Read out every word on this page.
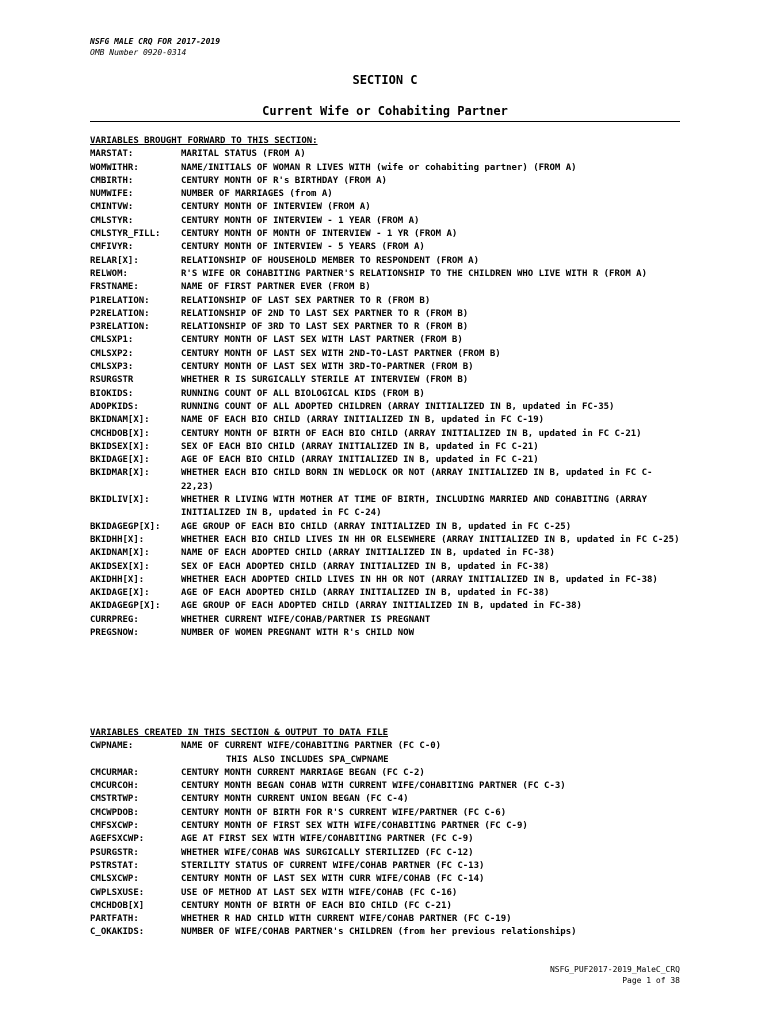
NSFG MALE CRQ FOR 2017-2019
OMB Number 0920-0314
SECTION C
Current Wife or Cohabiting Partner
VARIABLES BROUGHT FORWARD TO THIS SECTION:
MARSTAT:	MARITAL STATUS (FROM A)
WOMWITHR:	NAME/INITIALS OF WOMAN R LIVES WITH (wife or cohabiting partner) (FROM A)
CMBIRTH:	CENTURY MONTH OF R's BIRTHDAY (FROM A)
NUMWIFE:	NUMBER OF MARRIAGES (from A)
CMINTVW:	CENTURY MONTH OF INTERVIEW (FROM A)
CMLSTYR:	CENTURY MONTH OF INTERVIEW - 1 YEAR (FROM A)
CMLSTYR_FILL:	CENTURY MONTH OF MONTH OF INTERVIEW - 1 YR (FROM A)
CMFIVYR:	CENTURY MONTH OF INTERVIEW - 5 YEARS (FROM A)
RELAR[X]:	RELATIONSHIP OF HOUSEHOLD MEMBER TO RESPONDENT (FROM A)
RELWOM:	R'S WIFE OR COHABITING PARTNER'S RELATIONSHIP TO THE CHILDREN WHO LIVE WITH R (FROM A)
FRSTNAME:	NAME OF FIRST PARTNER EVER (FROM B)
P1RELATION:	RELATIONSHIP OF LAST SEX PARTNER TO R (FROM B)
P2RELATION:	RELATIONSHIP OF 2ND TO LAST SEX PARTNER TO R (FROM B)
P3RELATION:	RELATIONSHIP OF 3RD TO LAST SEX PARTNER TO R (FROM B)
CMLSXP1:	CENTURY MONTH OF LAST SEX WITH LAST PARTNER (FROM B)
CMLSXP2:	CENTURY MONTH OF LAST SEX WITH 2ND-TO-LAST PARTNER (FROM B)
CMLSXP3:	CENTURY MONTH OF LAST SEX WITH 3RD-TO-PARTNER (FROM B)
RSURGSTR	WHETHER R IS SURGICALLY STERILE AT INTERVIEW (FROM B)
BIOKIDS:	RUNNING COUNT OF ALL BIOLOGICAL KIDS (FROM B)
ADOPKIDS:	RUNNING COUNT OF ALL ADOPTED CHILDREN (ARRAY INITIALIZED IN B, updated in FC-35)
BKIDNAM[X]:	NAME OF EACH BIO CHILD (ARRAY INITIALIZED IN B, updated in FC C-19)
CMCHDOB[X]:	CENTURY MONTH OF BIRTH OF EACH BIO CHILD (ARRAY INITIALIZED IN B, updated in FC C-21)
BKIDSEX[X]:	SEX OF EACH BIO CHILD (ARRAY INITIALIZED IN B, updated in FC C-21)
BKIDAGE[X]:	AGE OF EACH BIO CHILD (ARRAY INITIALIZED IN B, updated in FC C-21)
BKIDMAR[X]:	WHETHER EACH BIO CHILD BORN IN WEDLOCK OR NOT (ARRAY INITIALIZED IN B, updated in FC C-22,23)
BKIDLIV[X]:	WHETHER R LIVING WITH MOTHER AT TIME OF BIRTH, INCLUDING MARRIED AND COHABITING (ARRAY INITIALIZED IN B, updated in FC C-24)
BKIDAGEGP[X]:	AGE GROUP OF EACH BIO CHILD (ARRAY INITIALIZED IN B, updated in FC C-25)
BKIDHH[X]:	WHETHER EACH BIO CHILD LIVES IN HH OR ELSEWHERE (ARRAY INITIALIZED IN B, updated in FC C-25)
AKIDNAM[X]:	NAME OF EACH ADOPTED CHILD (ARRAY INITIALIZED IN B, updated in FC-38)
AKIDSEX[X]:	SEX OF EACH ADOPTED CHILD (ARRAY INITIALIZED IN B, updated in FC-38)
AKIDHH[X]:	WHETHER EACH ADOPTED CHILD LIVES IN HH OR NOT (ARRAY INITIALIZED IN B, updated in FC-38)
AKIDAGE[X]:	AGE OF EACH ADOPTED CHILD (ARRAY INITIALIZED IN B, updated in FC-38)
AKIDAGEGP[X]:	AGE GROUP OF EACH ADOPTED CHILD (ARRAY INITIALIZED IN B, updated in FC-38)
CURRPREG:	WHETHER CURRENT WIFE/COHAB/PARTNER IS PREGNANT
PREGSNOW:	NUMBER OF WOMEN PREGNANT WITH R's CHILD NOW
VARIABLES CREATED IN THIS SECTION & OUTPUT TO DATA FILE
CWPNAME:	NAME OF CURRENT WIFE/COHABITING PARTNER (FC C-0)
THIS ALSO INCLUDES SPA_CWPNAME
CMCURMAR:	CENTURY MONTH CURRENT MARRIAGE BEGAN (FC C-2)
CMCURCOH:	CENTURY MONTH BEGAN COHAB WITH CURRENT WIFE/COHABITING PARTNER (FC C-3)
CMSTRTWP:	CENTURY MONTH CURRENT UNION BEGAN (FC C-4)
CMCWPDOB:	CENTURY MONTH OF BIRTH FOR R'S CURRENT WIFE/PARTNER (FC C-6)
CMFSXCWP:	CENTURY MONTH OF FIRST SEX WITH WIFE/COHABITING PARTNER (FC C-9)
AGEFSXCWP:	AGE AT FIRST SEX WITH WIFE/COHABITING PARTNER (FC C-9)
PSURGSTR:	WHETHER WIFE/COHAB WAS SURGICALLY STERILIZED (FC C-12)
PSTRSTAT:	STERILITY STATUS OF CURRENT WIFE/COHAB PARTNER (FC C-13)
CMLSXCWP:	CENTURY MONTH OF LAST SEX WITH CURR WIFE/COHAB (FC C-14)
CWPLSXUSE:	USE OF METHOD AT LAST SEX WITH WIFE/COHAB (FC C-16)
CMCHDOB[X]	CENTURY MONTH OF BIRTH OF EACH BIO CHILD (FC C-21)
PARTFATH:	WHETHER R HAD CHILD WITH CURRENT WIFE/COHAB PARTNER (FC C-19)
C_OKAKIDS:	NUMBER OF WIFE/COHAB PARTNER's CHILDREN (from her previous relationships)
NSFG_PUF2017-2019_MaleC_CRQ
Page 1 of 38
